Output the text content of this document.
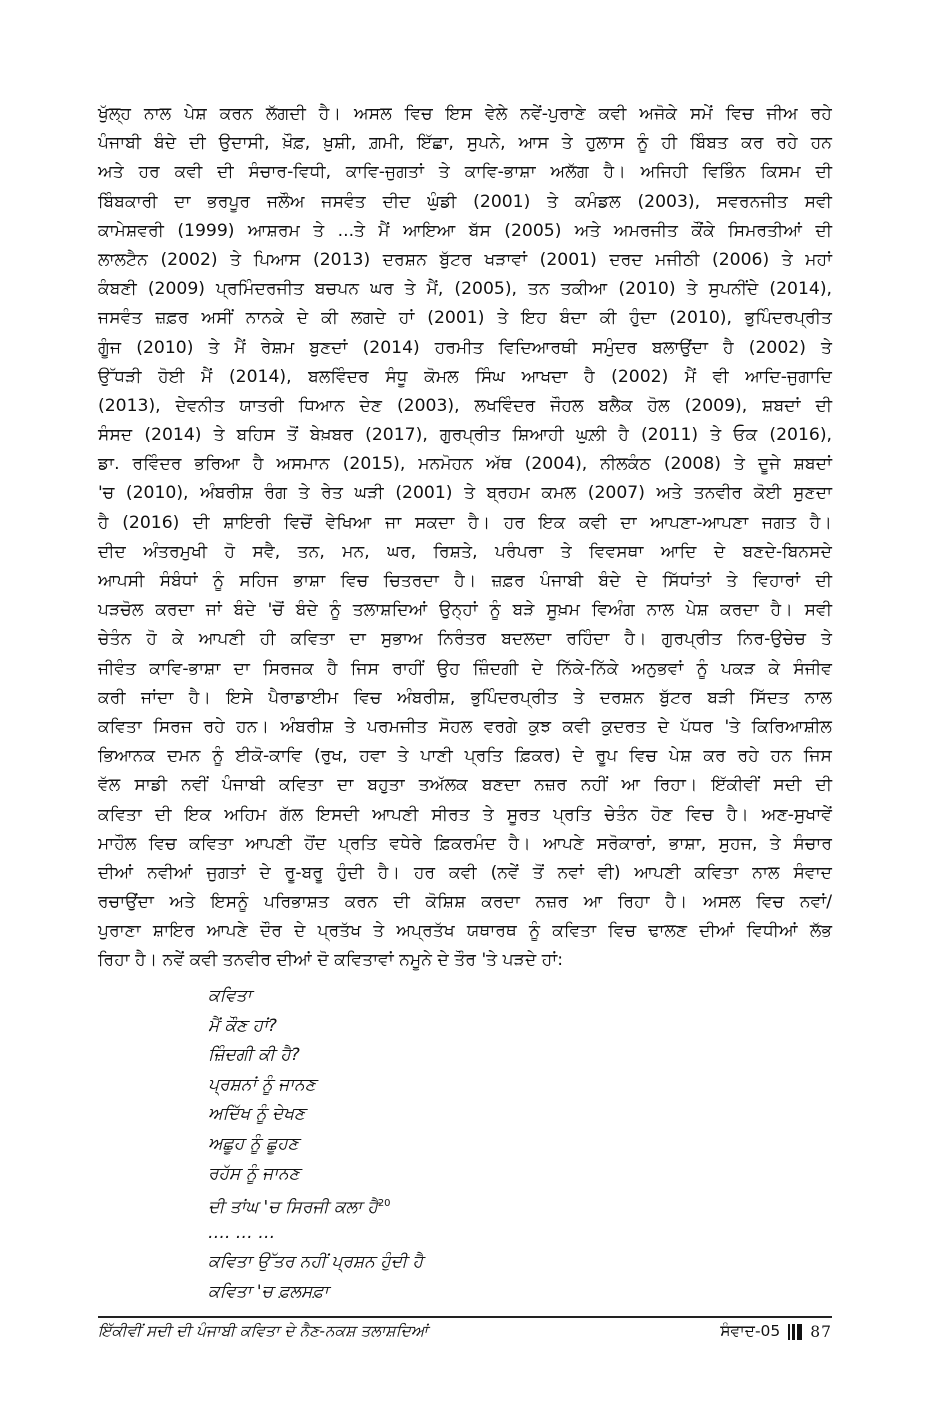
ਖੁੱਲ੍ਹ ਨਾਲ ਪੇਸ਼ ਕਰਨ ਲੱਗਦੀ ਹੈ। ਅਸਲ ਵਿਚ ਇਸ ਵੇਲੇ ਨਵੇਂ-ਪੁਰਾਣੇ ਕਵੀ ਅਜੋਕੇ ਸਮੇਂ ਵਿਚ ਜੀਅ ਰਹੇ
ਪੰਜਾਬੀ ਬੰਦੇ ਦੀ ਉਦਾਸੀ, ਖ਼ੌਫ਼, ਖ਼ੁਸ਼ੀ, ਗ਼ਮੀ, ਇੱਛਾ, ਸੁਪਨੇ, ਆਸ ਤੇ ਹੁਲਾਸ ਨੂੰ ਹੀ ਬਿੰਬਤ ਕਰ ਰਹੇ ਹਨ
ਅਤੇ ਹਰ ਕਵੀ ਦੀ ਸੰਚਾਰ-ਵਿਧੀ, ਕਾਵਿ-ਜੁਗਤਾਂ ਤੇ ਕਾਵਿ-ਭਾਸ਼ਾ ਅਲੱਗ ਹੈ। ਅਜਿਹੀ ਵਿਭਿੰਨ ਕਿਸਮ ਦੀ
ਬਿੰਬਕਾਰੀ ਦਾ ਭਰਪੂਰ ਜਲੌਅ ਜਸਵੰਤ ਦੀਦ ਘੁੰਡੀ (2001) ਤੇ ਕਮੰਡਲ (2003), ਸਵਰਨਜੀਤ ਸਵੀ
ਕਾਮੇਸ਼ਵਰੀ (1999) ਆਸ਼ਰਮ ਤੇ ...ਤੇ ਮੈਂ ਆਇਆ ਬੱਸ (2005) ਅਤੇ ਅਮਰਜੀਤ ਕੌਂਕੇ ਸਿਮਰਤੀਆਂ ਦੀ
ਲਾਲਟੈਨ (2002) ਤੇ ਪਿਆਸ (2013) ਦਰਸ਼ਨ ਬੁੱਟਰ ਖੜਾਵਾਂ (2001) ਦਰਦ ਮਜੀਠੀ (2006) ਤੇ ਮਹਾਂ
ਕੰਬਣੀ (2009) ਪ੍ਰਮਿੰਦਰਜੀਤ ਬਚਪਨ ਘਰ ਤੇ ਮੈਂ, (2005), ਤਨ ਤਕੀਆ (2010) ਤੇ ਸੁਪਨੀਂਦੇ (2014),
ਜਸਵੰਤ ਜ਼ਫ਼ਰ ਅਸੀਂ ਨਾਨਕੇ ਦੇ ਕੀ ਲਗਦੇ ਹਾਂ (2001) ਤੇ ਇਹ ਬੰਦਾ ਕੀ ਹੁੰਦਾ (2010), ਭੁਪਿੰਦਰਪ੍ਰੀਤ
ਗੂੰਜ (2010) ਤੇ ਮੈਂ ਰੇਸ਼ਮ ਬੁਣਦਾਂ (2014) ਹਰਮੀਤ ਵਿਦਿਆਰਥੀ ਸਮੁੰਦਰ ਬਲਾਉਂਦਾ ਹੈ (2002) ਤੇ
ਉੱਧੜੀ ਹੋਈ ਮੈਂ (2014), ਬਲਵਿੰਦਰ ਸੰਧੂ ਕੋਮਲ ਸਿੰਘ ਆਖਦਾ ਹੈ (2002) ਮੈਂ ਵੀ ਆਦਿ-ਜੁਗਾਦਿ
(2013), ਦੇਵਨੀਤ ਯਾਤਰੀ ਧਿਆਨ ਦੇਣ (2003), ਲਖਵਿੰਦਰ ਜੌਹਲ ਬਲੈਕ ਹੋਲ (2009), ਸ਼ਬਦਾਂ ਦੀ
ਸੰਸਦ (2014) ਤੇ ਬਹਿਸ ਤੋਂ ਬੇਖ਼ਬਰ (2017), ਗੁਰਪ੍ਰੀਤ ਸ਼ਿਆਹੀ ਘੁਲ਼ੀ ਹੈ (2011) ਤੇ ਓਕ (2016),
ਡਾ. ਰਵਿੰਦਰ ਭਰਿਆ ਹੈ ਅਸਮਾਨ (2015), ਮਨਮੋਹਨ ਅੱਥ (2004), ਨੀਲਕੰਠ (2008) ਤੇ ਦੂਜੇ ਸ਼ਬਦਾਂ
'ਚ (2010), ਅੰਬਰੀਸ਼ ਰੰਗ ਤੇ ਰੇਤ ਘੜੀ (2001) ਤੇ ਬ੍ਰਹਮ ਕਮਲ (2007) ਅਤੇ ਤਨਵੀਰ ਕੋਈ ਸੁਣਦਾ
ਹੈ (2016) ਦੀ ਸ਼ਾਇਰੀ ਵਿਚੋਂ ਵੇਖਿਆ ਜਾ ਸਕਦਾ ਹੈ। ਹਰ ਇਕ ਕਵੀ ਦਾ ਆਪਣਾ-ਆਪਣਾ ਜਗਤ ਹੈ।
ਦੀਦ ਅੰਤਰਮੁਖੀ ਹੋ ਸਵੈ, ਤਨ, ਮਨ, ਘਰ, ਰਿਸ਼ਤੇ, ਪਰੰਪਰਾ ਤੇ ਵਿਵਸਥਾ ਆਦਿ ਦੇ ਬਣਦੇ-ਬਿਨਸਦੇ
ਆਪਸੀ ਸੰਬੰਧਾਂ ਨੂੰ ਸਹਿਜ ਭਾਸ਼ਾ ਵਿਚ ਚਿਤਰਦਾ ਹੈ। ਜ਼ਫ਼ਰ ਪੰਜਾਬੀ ਬੰਦੇ ਦੇ ਸਿੱਧਾਂਤਾਂ ਤੇ ਵਿਹਾਰਾਂ ਦੀ
ਪੜਚੋਲ ਕਰਦਾ ਜਾਂ ਬੰਦੇ 'ਚੋਂ ਬੰਦੇ ਨੂੰ ਤਲਾਸ਼ਦਿਆਂ ਉਨ੍ਹਾਂ ਨੂੰ ਬੜੇ ਸੂਖ਼ਮ ਵਿਅੰਗ ਨਾਲ ਪੇਸ਼ ਕਰਦਾ ਹੈ। ਸਵੀ
ਚੇਤੰਨ ਹੋ ਕੇ ਆਪਣੀ ਹੀ ਕਵਿਤਾ ਦਾ ਸੁਭਾਅ ਨਿਰੰਤਰ ਬਦਲਦਾ ਰਹਿੰਦਾ ਹੈ। ਗੁਰਪ੍ਰੀਤ ਨਿਰ-ਉਚੇਚ ਤੇ
ਜੀਵੰਤ ਕਾਵਿ-ਭਾਸ਼ਾ ਦਾ ਸਿਰਜਕ ਹੈ ਜਿਸ ਰਾਹੀਂ ਉਹ ਜ਼ਿੰਦਗੀ ਦੇ ਨਿੱਕੇ-ਨਿੱਕੇ ਅਨੁਭਵਾਂ ਨੂੰ ਪਕੜ ਕੇ ਸੰਜੀਵ
ਕਰੀ ਜਾਂਦਾ ਹੈ। ਇਸੇ ਪੈਰਾਡਾਈਮ ਵਿਚ ਅੰਬਰੀਸ਼, ਭੁਪਿੰਦਰਪ੍ਰੀਤ ਤੇ ਦਰਸ਼ਨ ਬੁੱਟਰ ਬੜੀ ਸਿੱਦਤ ਨਾਲ
ਕਵਿਤਾ ਸਿਰਜ ਰਹੇ ਹਨ। ਅੰਬਰੀਸ਼ ਤੇ ਪਰਮਜੀਤ ਸੋਹਲ ਵਰਗੇ ਕੁਝ ਕਵੀ ਕੁਦਰਤ ਦੇ ਪੱਧਰ 'ਤੇ ਕਿਰਿਆਸ਼ੀਲ
ਭਿਆਨਕ ਦਮਨ ਨੂੰ ਈਕੋ-ਕਾਵਿ (ਰੁਖ, ਹਵਾ ਤੇ ਪਾਣੀ ਪ੍ਰਤਿ ਫ਼ਿਕਰ) ਦੇ ਰੂਪ ਵਿਚ ਪੇਸ਼ ਕਰ ਰਹੇ ਹਨ ਜਿਸ
ਵੱਲ ਸਾਡੀ ਨਵੀਂ ਪੰਜਾਬੀ ਕਵਿਤਾ ਦਾ ਬਹੁਤਾ ਤਅੱਲਕ ਬਣਦਾ ਨਜ਼ਰ ਨਹੀਂ ਆ ਰਿਹਾ। ਇੱਕੀਵੀਂ ਸਦੀ ਦੀ
ਕਵਿਤਾ ਦੀ ਇਕ ਅਹਿਮ ਗੱਲ ਇਸਦੀ ਆਪਣੀ ਸੀਰਤ ਤੇ ਸੂਰਤ ਪ੍ਰਤਿ ਚੇਤੰਨ ਹੋਣ ਵਿਚ ਹੈ। ਅਣ-ਸੁਖਾਵੇਂ
ਮਾਹੌਲ ਵਿਚ ਕਵਿਤਾ ਆਪਣੀ ਹੋਂਦ ਪ੍ਰਤਿ ਵਧੇਰੇ ਫ਼ਿਕਰਮੰਦ ਹੈ। ਆਪਣੇ ਸਰੋਕਾਰਾਂ, ਭਾਸ਼ਾ, ਸੁਹਜ, ਤੇ ਸੰਚਾਰ
ਦੀਆਂ ਨਵੀਆਂ ਜੁਗਤਾਂ ਦੇ ਰੂ-ਬਰੂ ਹੁੰਦੀ ਹੈ। ਹਰ ਕਵੀ (ਨਵੇਂ ਤੋਂ ਨਵਾਂ ਵੀ) ਆਪਣੀ ਕਵਿਤਾ ਨਾਲ ਸੰਵਾਦ
ਰਚਾਉਂਦਾ ਅਤੇ ਇਸਨੂੰ ਪਰਿਭਾਸ਼ਤ ਕਰਨ ਦੀ ਕੋਸ਼ਿਸ਼ ਕਰਦਾ ਨਜ਼ਰ ਆ ਰਿਹਾ ਹੈ। ਅਸਲ ਵਿਚ ਨਵਾਂ/
ਪੁਰਾਣਾ ਸ਼ਾਇਰ ਆਪਣੇ ਦੌਰ ਦੇ ਪ੍ਰਤੱਖ ਤੇ ਅਪ੍ਰਤੱਖ ਯਥਾਰਥ ਨੂੰ ਕਵਿਤਾ ਵਿਚ ਢਾਲਣ ਦੀਆਂ ਵਿਧੀਆਂ ਲੱਭ
ਰਿਹਾ ਹੈ। ਨਵੇਂ ਕਵੀ ਤਨਵੀਰ ਦੀਆਂ ਦੋ ਕਵਿਤਾਵਾਂ ਨਮੂਨੇ ਦੇ ਤੌਰ 'ਤੇ ਪੜਦੇ ਹਾਂ:
ਕਵਿਤਾ
ਮੈਂ ਕੌਣ ਹਾਂ?
ਜ਼ਿੰਦਗੀ ਕੀ ਹੈ?
ਪ੍ਰਸ਼ਨਾਂ ਨੂੰ ਜਾਨਣ
ਅਦਿੱਖ ਨੂੰ ਦੇਖਣ
ਅਛੂਹ ਨੂੰ ਛੂਹਣ
ਰਹੱਸ ਨੂੰ ਜਾਨਣ
ਦੀ ਤਾਂਘ 'ਚ ਸਿਰਜੀ ਕਲਾ ਹੈ$^{20}$
…. … …
ਕਵਿਤਾ ਉੱਤਰ ਨਹੀਂ ਪ੍ਰਸ਼ਨ ਹੁੰਦੀ ਹੈ
ਕਵਿਤਾ 'ਚ ਫ਼ਲਸਫ਼ਾ
ਇੱਕੀਵੀਂ ਸਦੀ ਦੀ ਪੰਜਾਬੀ ਕਵਿਤਾ ਦੇ ਨੈਣ-ਨਕਸ਼ ਤਲਾਸ਼ਦਿਆਂ	ਸੰਵਾਦ-05 87
